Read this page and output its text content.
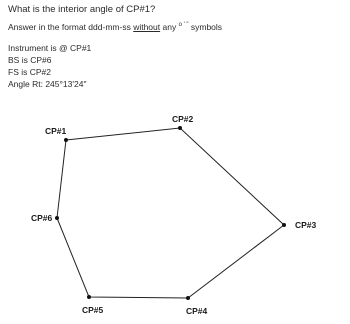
What is the interior angle of CP#1?
Answer in the format ddd-mm-ss without any $^{o ' "}$ symbols
Instrument is @ CP#1
BS is CP#6
FS is CP#2
Angle Rt: 245°13'24"
CP#1
CP#2
CP#3
CP#4
CP#5
CP#6
